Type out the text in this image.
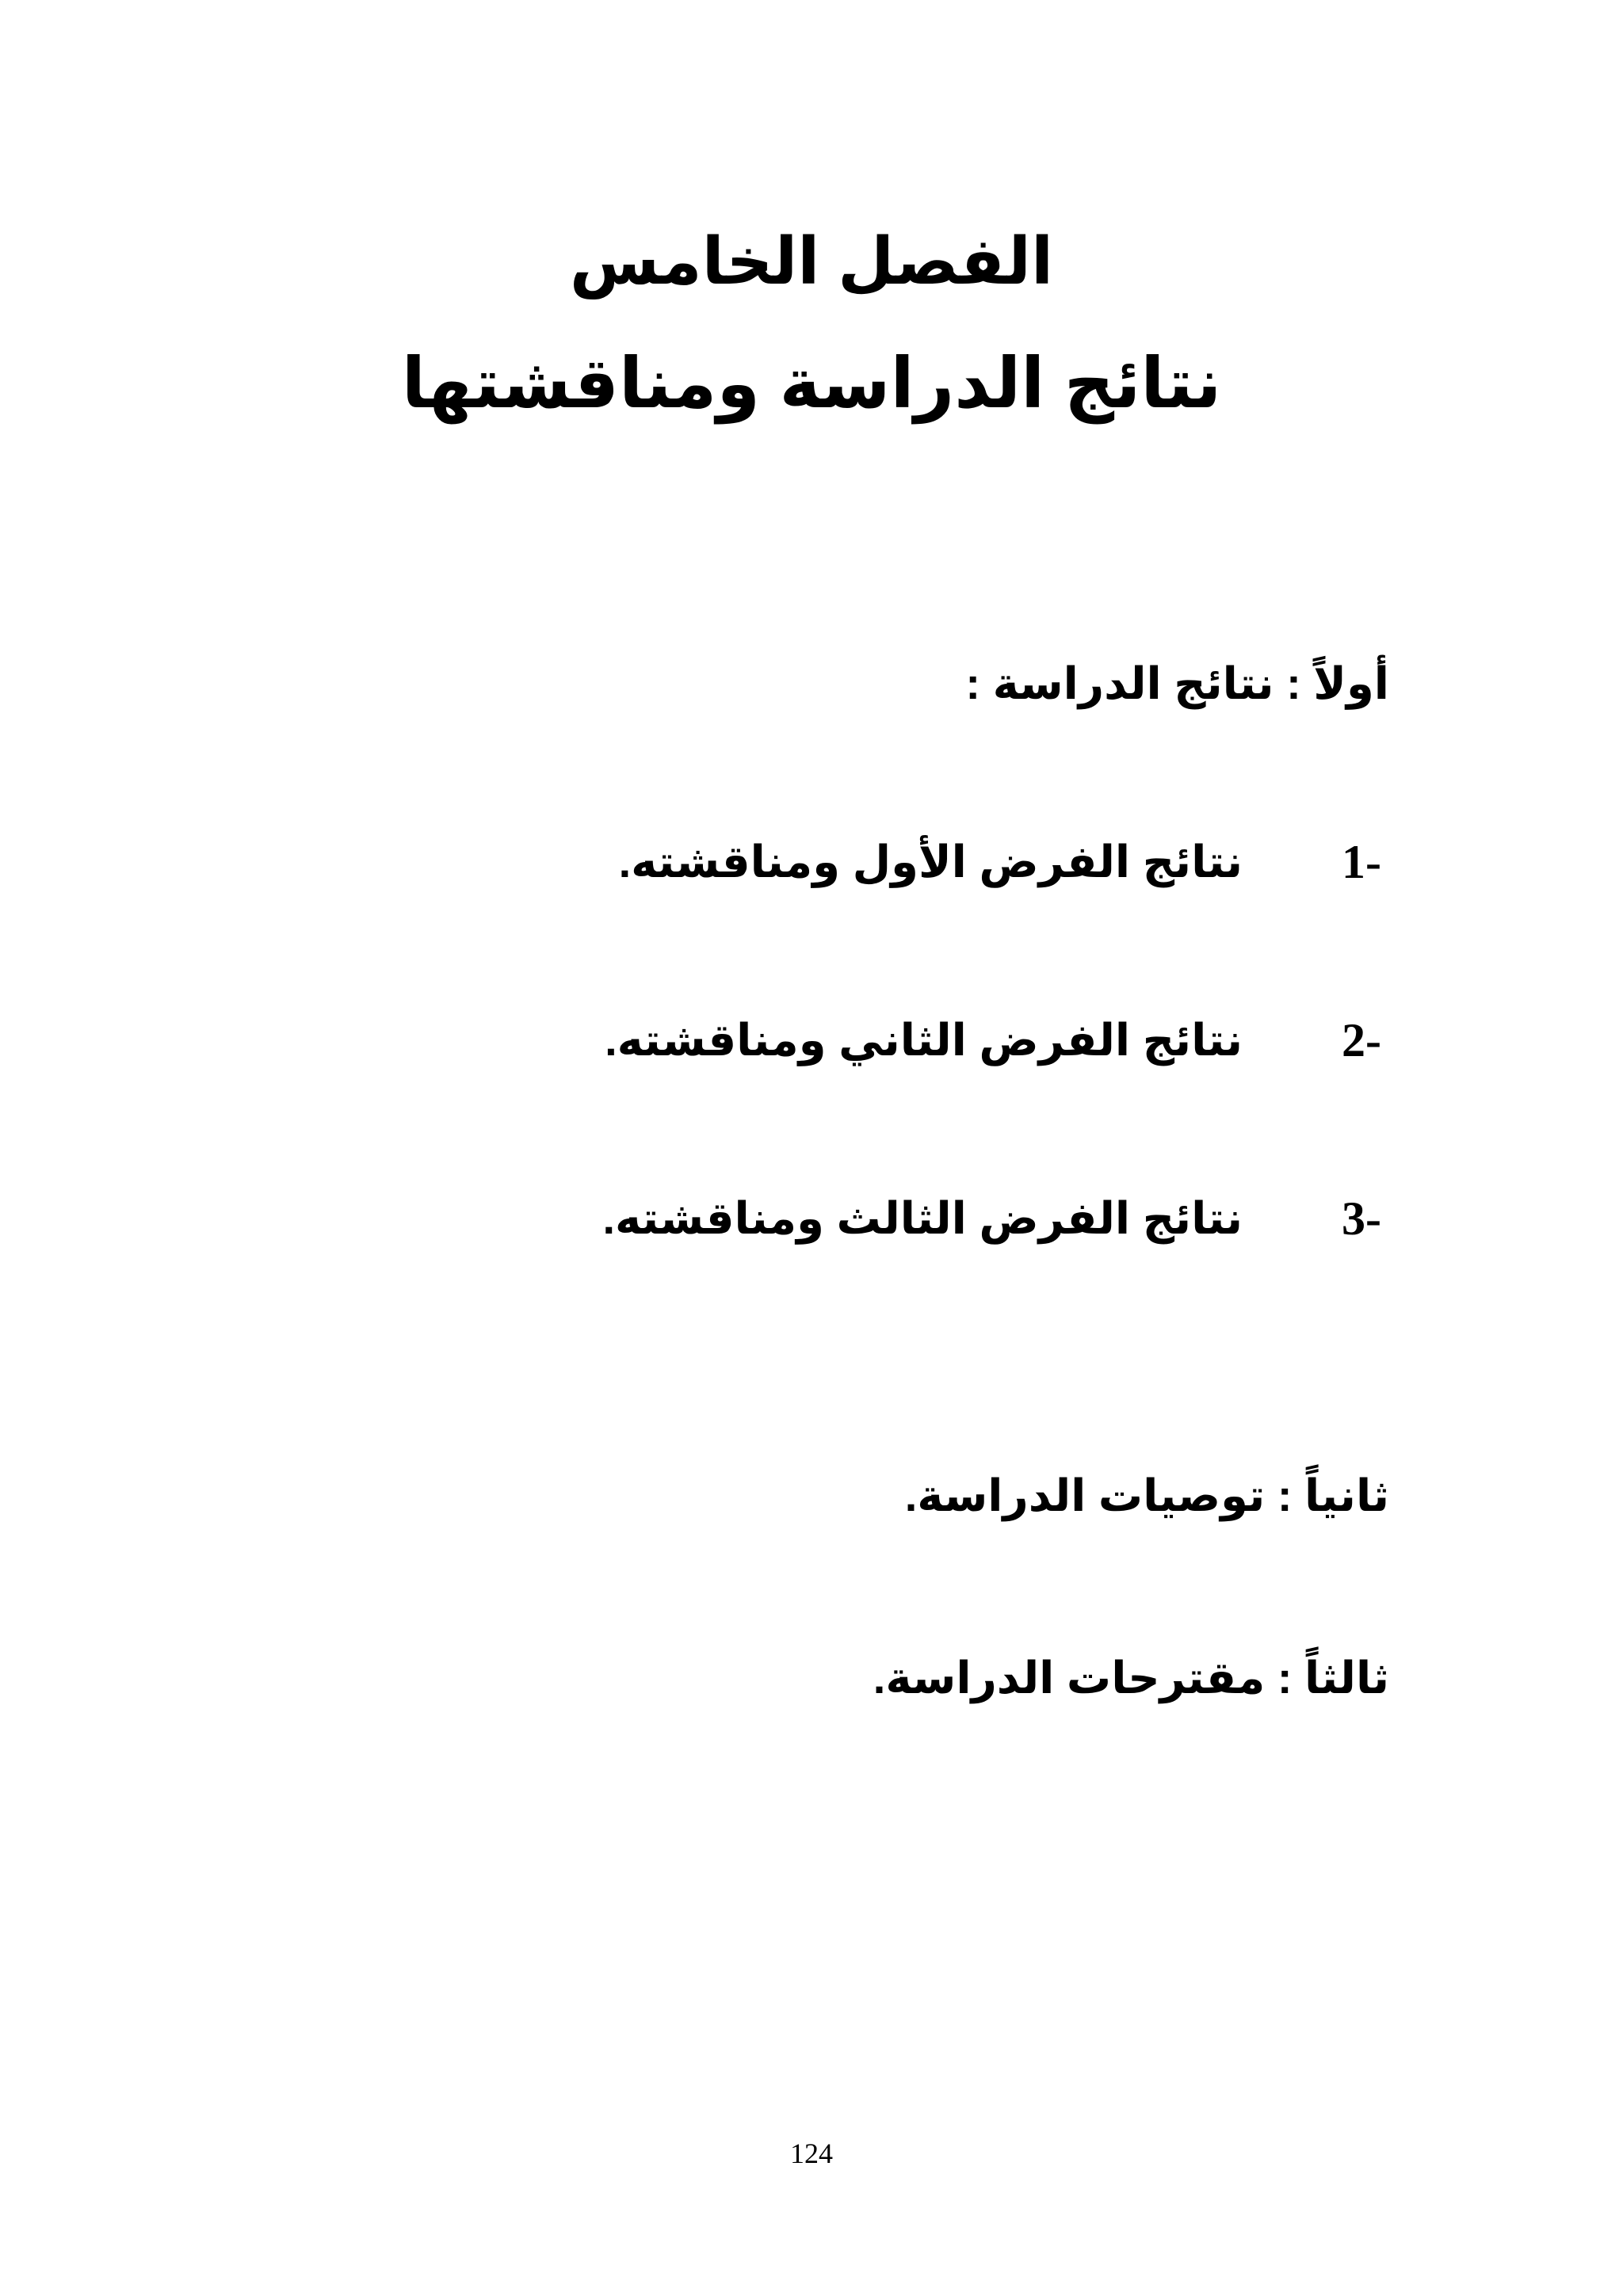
الفصل الخامس
نتائج الدراسة ومناقشتها
أولاً : نتائج الدراسة :
1-
نتائج الفرض الأول ومناقشته.
2-
نتائج الفرض الثاني ومناقشته.
3-
نتائج الفرض الثالث ومناقشته.
ثانياً : توصيات الدراسة.
ثالثاً : مقترحات الدراسة.
124
